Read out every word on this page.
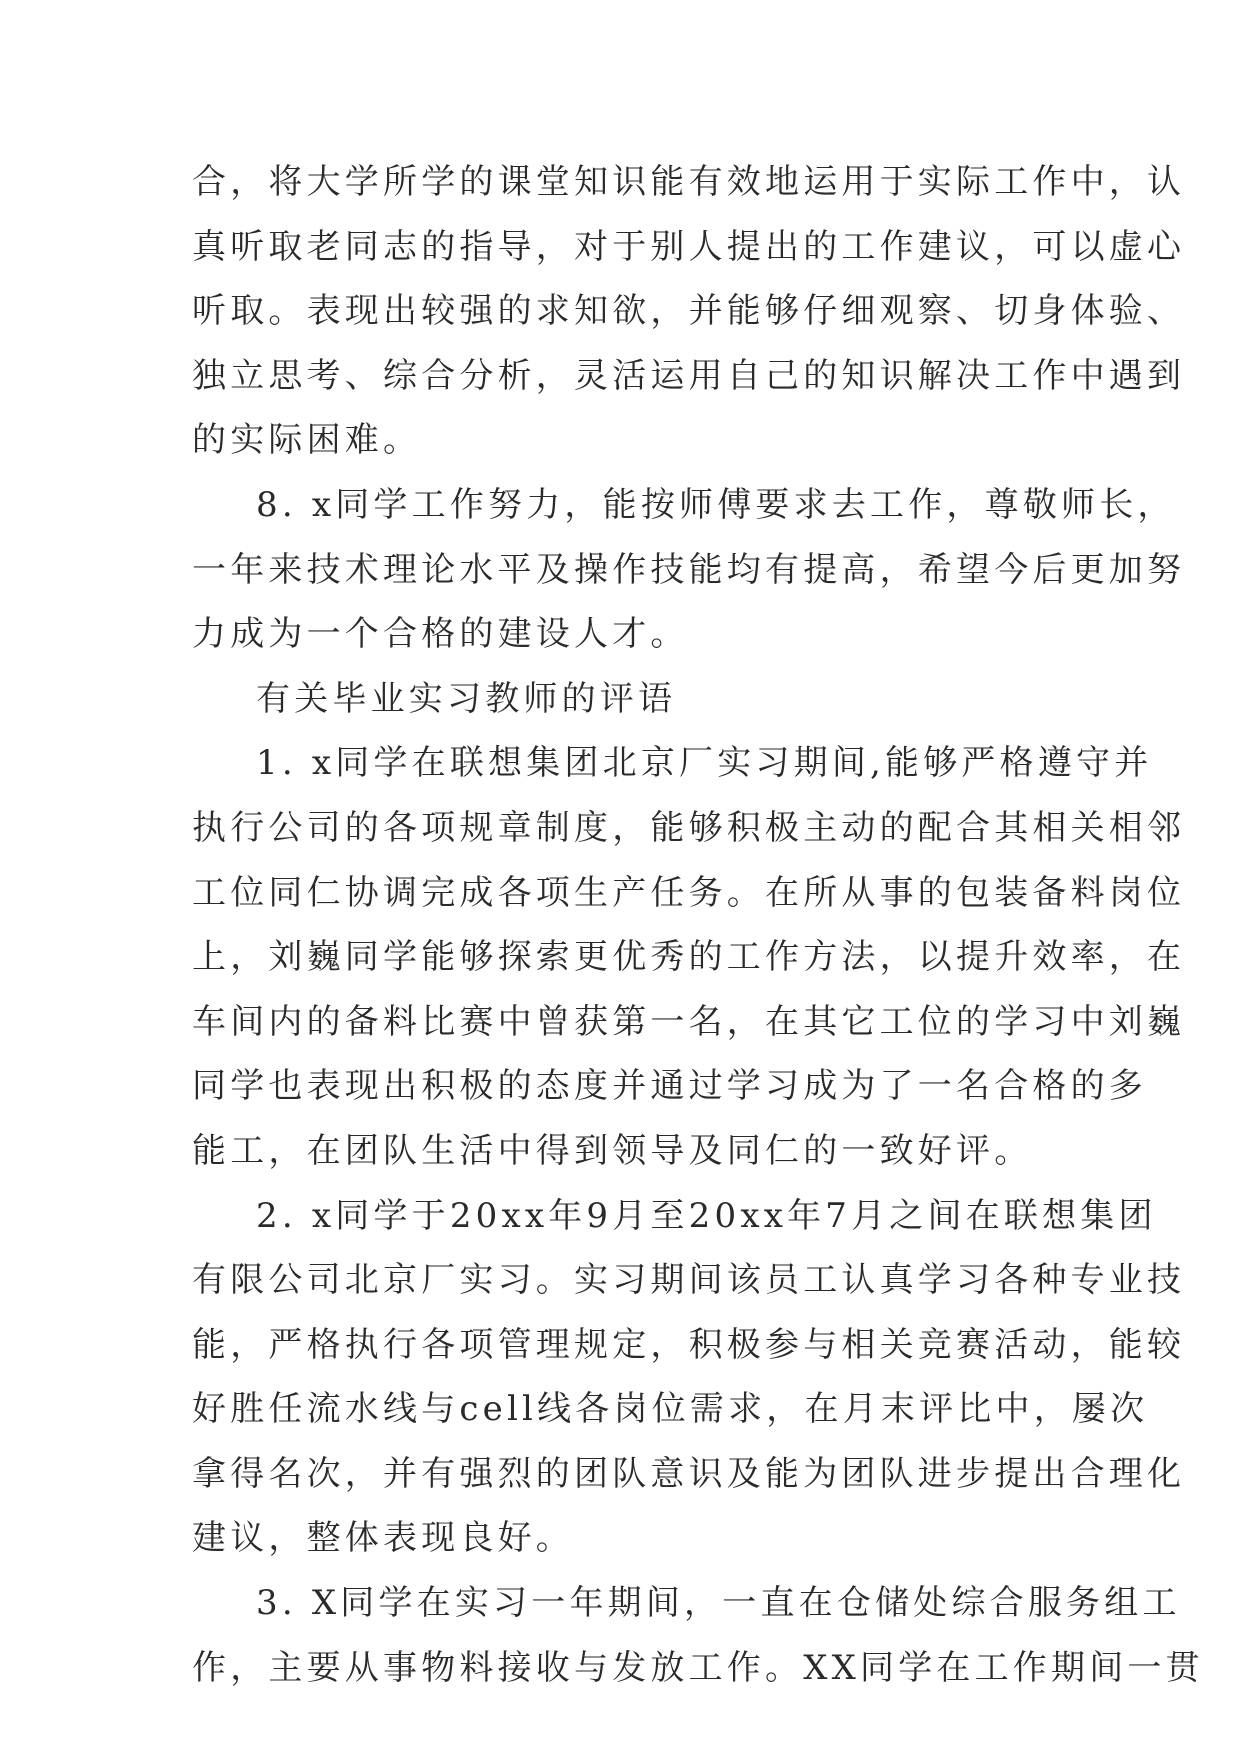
合，将大学所学的课堂知识能有效地运用于实际工作中，认
真听取老同志的指导，对于别人提出的工作建议，可以虚心
听取。表现出较强的求知欲，并能够仔细观察、切身体验、
独立思考、综合分析，灵活运用自己的知识解决工作中遇到
的实际困难。
8. x同学工作努力，能按师傅要求去工作，尊敬师长，
一年来技术理论水平及操作技能均有提高，希望今后更加努
力成为一个合格的建设人才。
有关毕业实习教师的评语
1. x同学在联想集团北京厂实习期间,能够严格遵守并
执行公司的各项规章制度，能够积极主动的配合其相关相邻
工位同仁协调完成各项生产任务。在所从事的包装备料岗位
上，刘巍同学能够探索更优秀的工作方法，以提升效率，在
车间内的备料比赛中曾获第一名，在其它工位的学习中刘巍
同学也表现出积极的态度并通过学习成为了一名合格的多
能工，在团队生活中得到领导及同仁的一致好评。
2. x同学于20xx年9月至20xx年7月之间在联想集团
有限公司北京厂实习。实习期间该员工认真学习各种专业技
能，严格执行各项管理规定，积极参与相关竞赛活动，能较
好胜任流水线与cell线各岗位需求，在月末评比中，屡次
拿得名次，并有强烈的团队意识及能为团队进步提出合理化
建议，整体表现良好。
3. X同学在实习一年期间，一直在仓储处综合服务组工
作，主要从事物料接收与发放工作。XX同学在工作期间一贯
